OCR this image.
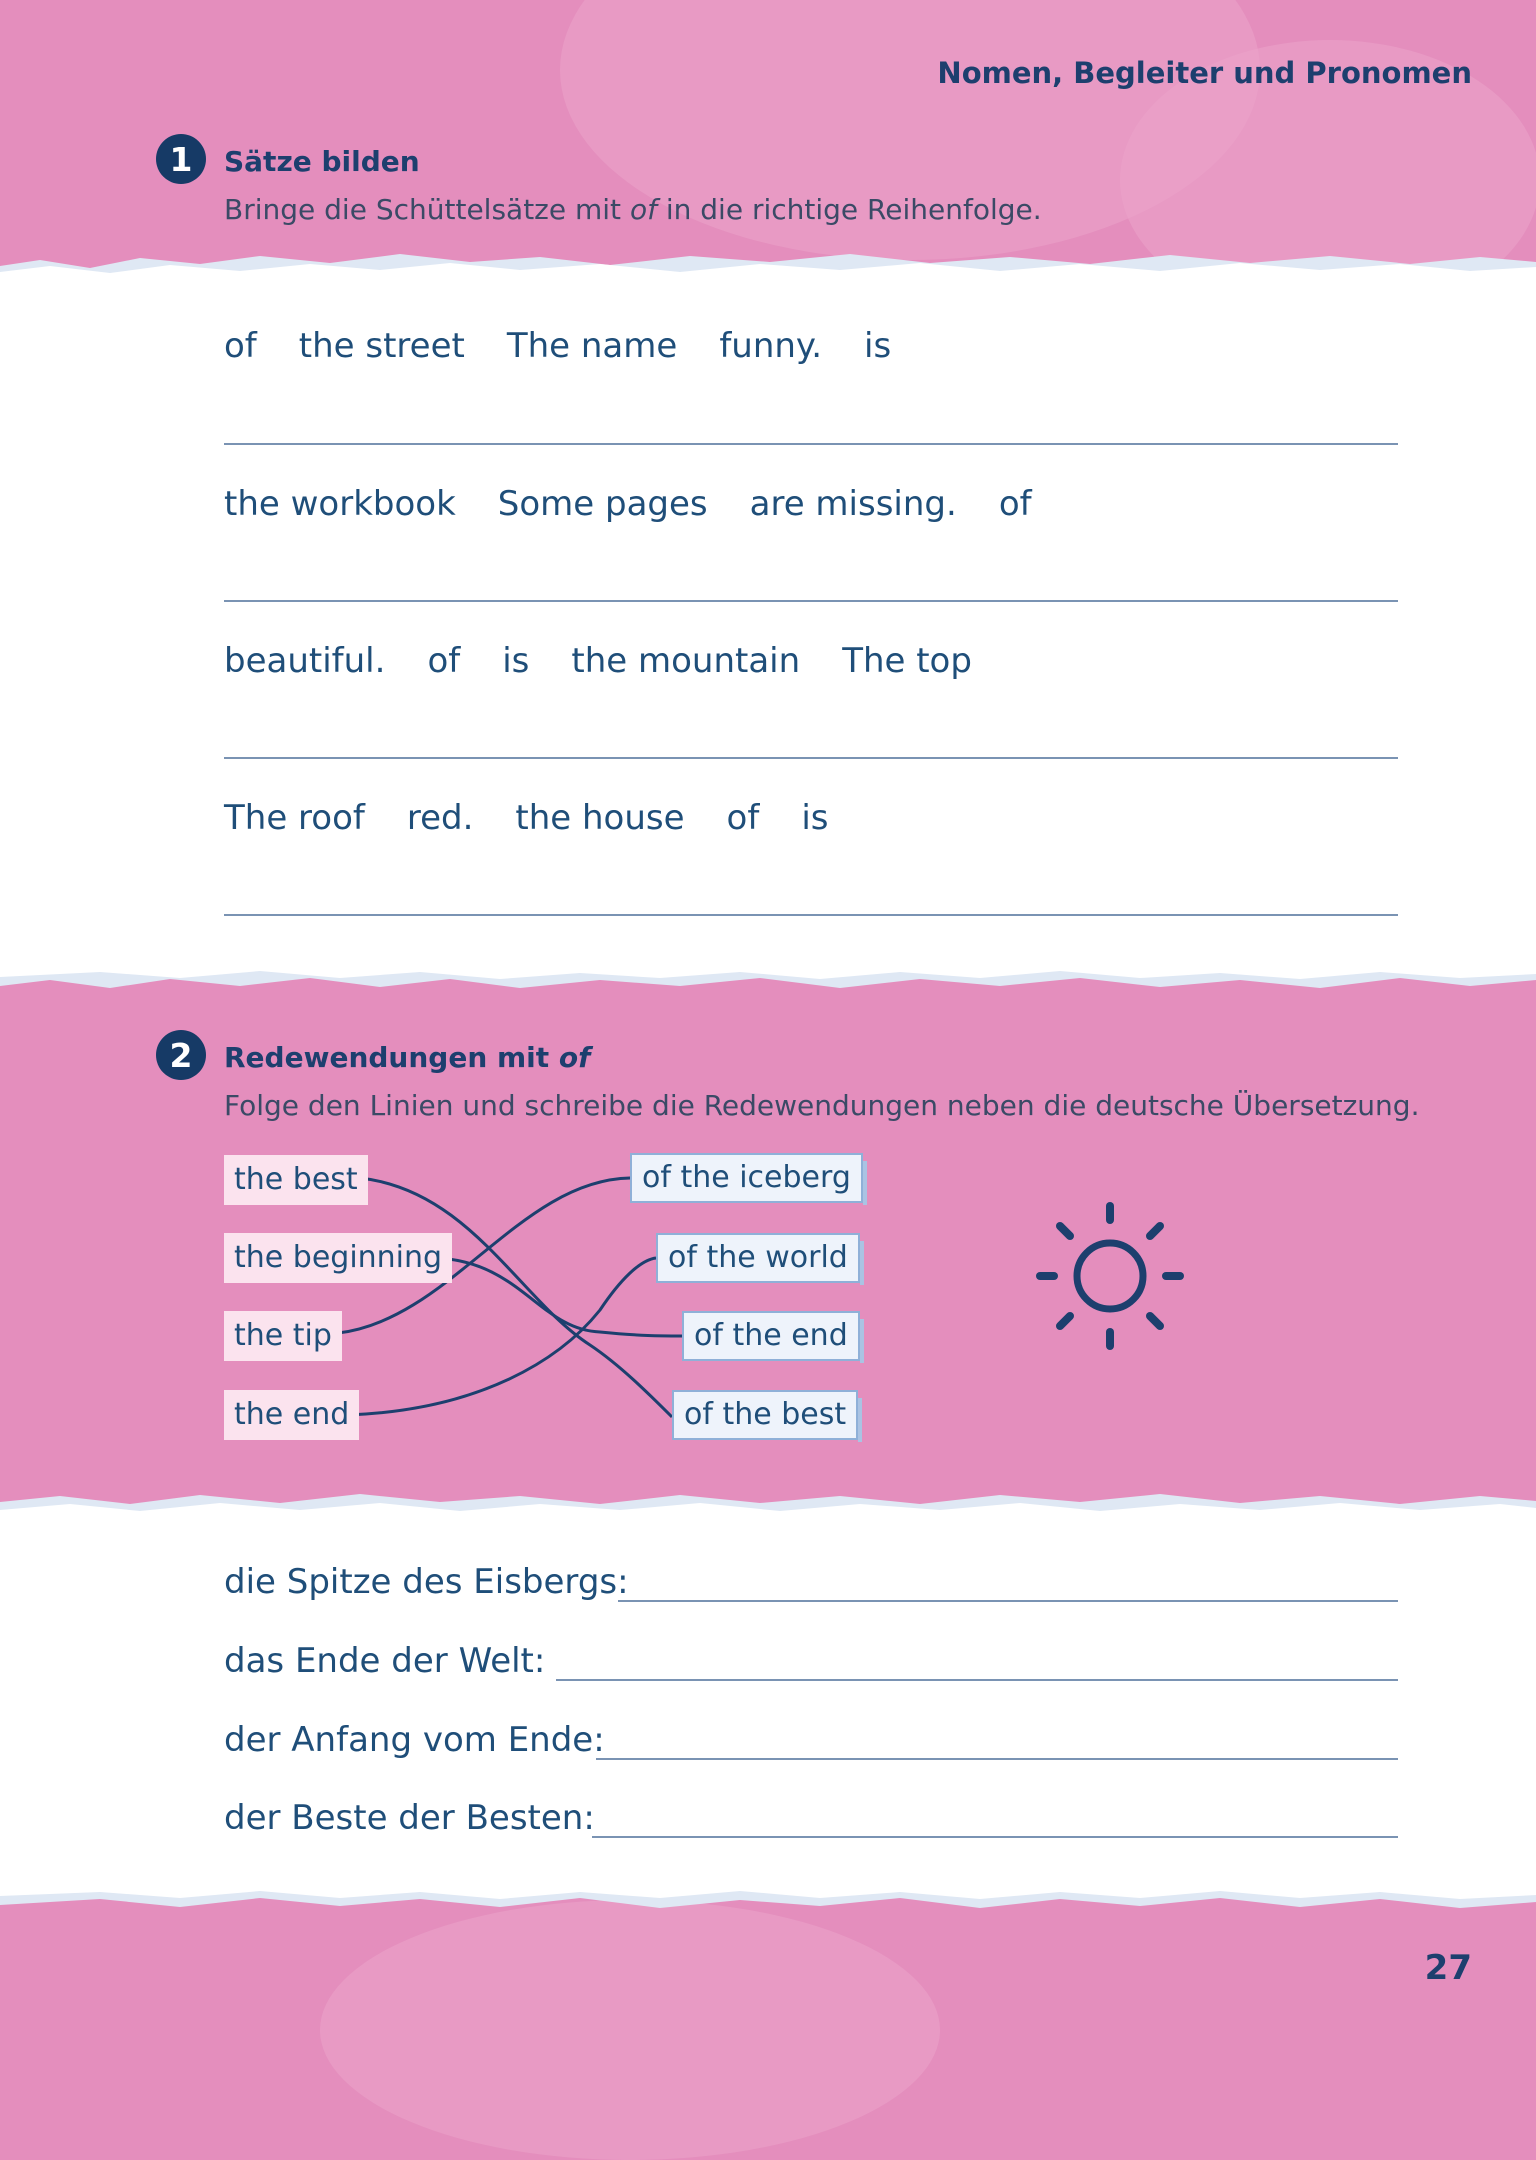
Nomen, Begleiter und Pronomen
1	Sätze bilden
Bringe die Schüttelsätze mit of in die richtige Reihenfolge.
of the street The name funny. is
the workbook Some pages are missing. of
beautiful. of is the mountain The top
The roof red. the house of is
2	Redewendungen mit of
Folge den Linien und schreibe die Redewendungen neben die deutsche Übersetzung.
the best
the beginning
the tip
the end
of the iceberg
of the world
of the end
of the best
die Spitze des Eisbergs:
das Ende der Welt:
der Anfang vom Ende:
der Beste der Besten:
27
